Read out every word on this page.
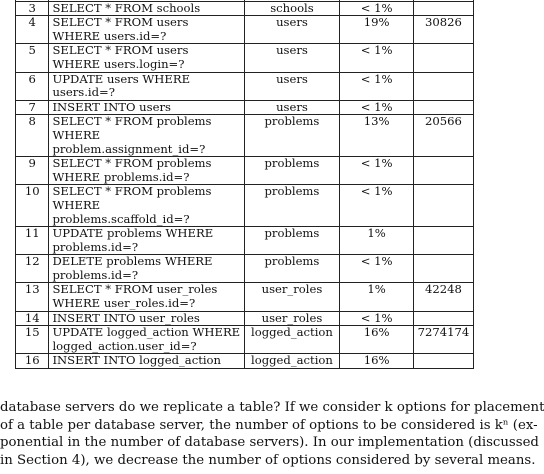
3	SELECT * FROM schools	schools	< 1%	
4	SELECT * FROM users
WHERE users.id=?	users	19%	30826
5	SELECT * FROM users
WHERE users.login=?	users	< 1%	
6	UPDATE users WHERE
users.id=?	users	< 1%	
7	INSERT INTO users	users	< 1%	
8	SELECT * FROM problems
WHERE problem.assignment_id=?	problems	13%	20566
9	SELECT * FROM problems
WHERE problems.id=?	problems	< 1%	
10	SELECT * FROM problems
WHERE problems.scaffold_id=?	problems	< 1%	
11	UPDATE problems WHERE
problems.id=?	problems	1%	
12	DELETE problems WHERE
problems.id=?	problems	< 1%	
13	SELECT * FROM user_roles
WHERE user_roles.id=?	user_roles	1%	42248
14	INSERT INTO user_roles	user_roles	< 1%	
15	UPDATE logged_action WHERE
logged_action.user_id=?	logged_action	16%	7274174
16	INSERT INTO logged_action	logged_action	16%	

database servers do we replicate a table? If we consider k options for placement

of a table per database server, the number of options to be considered is kⁿ (ex-

ponential in the number of database servers). In our implementation (discussed

in Section 4), we decrease the number of options considered by several means.
